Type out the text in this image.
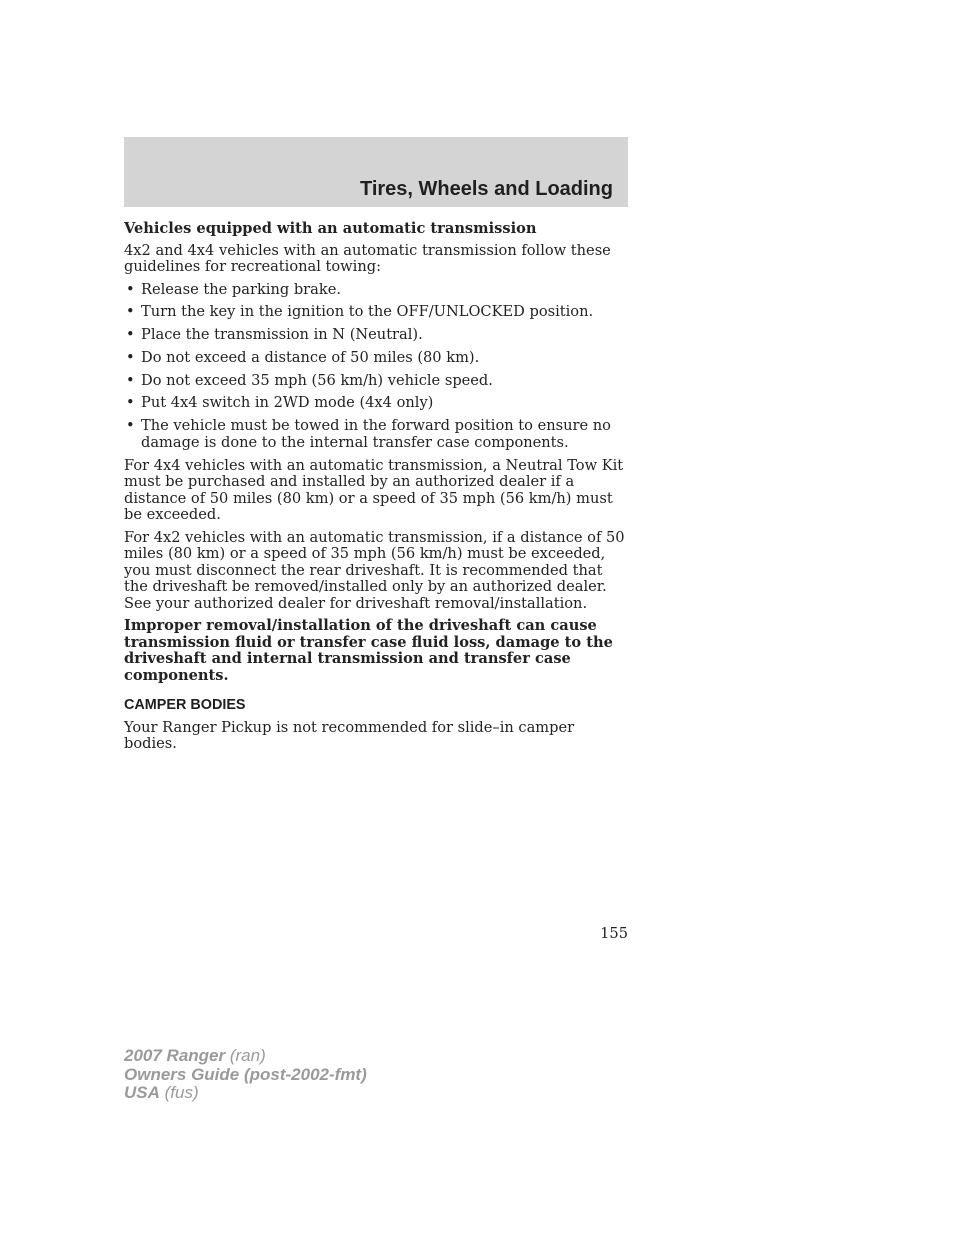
Tires, Wheels and Loading

Vehicles equipped with an automatic transmission

4x2 and 4x4 vehicles with an automatic transmission follow these guidelines for recreational towing:

• Release the parking brake.
• Turn the key in the ignition to the OFF/UNLOCKED position.
• Place the transmission in N (Neutral).
• Do not exceed a distance of 50 miles (80 km).
• Do not exceed 35 mph (56 km/h) vehicle speed.
• Put 4x4 switch in 2WD mode (4x4 only)
• The vehicle must be towed in the forward position to ensure no damage is done to the internal transfer case components.

For 4x4 vehicles with an automatic transmission, a Neutral Tow Kit must be purchased and installed by an authorized dealer if a distance of 50 miles (80 km) or a speed of 35 mph (56 km/h) must be exceeded.

For 4x2 vehicles with an automatic transmission, if a distance of 50 miles (80 km) or a speed of 35 mph (56 km/h) must be exceeded, you must disconnect the rear driveshaft. It is recommended that the driveshaft be removed/installed only by an authorized dealer. See your authorized dealer for driveshaft removal/installation.

Improper removal/installation of the driveshaft can cause transmission fluid or transfer case fluid loss, damage to the driveshaft and internal transmission and transfer case components.

CAMPER BODIES

Your Ranger Pickup is not recommended for slide–in camper bodies.

155
2007 Ranger (ran)
Owners Guide (post-2002-fmt)
USA (fus)
